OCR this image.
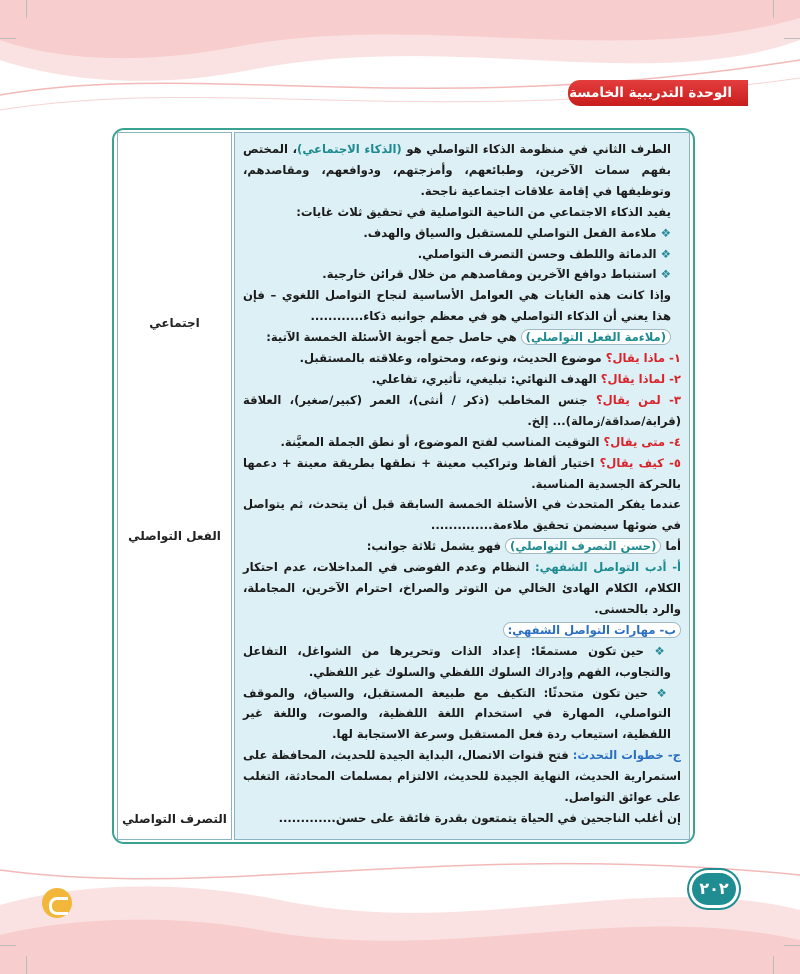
الوحدة التدريبية الخامسة
اجتماعي
الفعل التواصلي
التصرف التواصلي

الطرف الثاني في منظومة الذكاء التواصلي هو (الذكاء الاجتماعي)، المختص بفهم سمات الآخرين، وطبائعهم، وأمزجتهم، ودوافعهم، ومقاصدهم، وتوظيفها في إقامة علاقات اجتماعية ناجحة.

يفيد الذكاء الاجتماعي من الناحية التواصلية في تحقيق ثلاث غايات:

❖ ملاءمة الفعل التواصلي للمستقبل والسياق والهدف.

❖ الدماثة واللطف وحسن التصرف التواصلي.

❖ استنباط دوافع الآخرين ومقاصدهم من خلال قرائن خارجية.

وإذا كانت هذه الغايات هي العوامل الأساسية لنجاح التواصل اللغوي – فإن هذا يعني أن الذكاء التواصلي هو في معظم جوانبه ذكاء............

(ملاءمة الفعل التواصلي) هي حاصل جمع أجوبة الأسئلة الخمسة الآتية:

١- ماذا يقال؟ موضوع الحديث، ونوعه، ومحتواه، وعلاقته بالمستقبل.

٢- لماذا يقال؟ الهدف النهائي: تبليغي، تأثيري، تفاعلي.

٣- لمن يقال؟ جنس المخاطب (ذكر / أنثى)، العمر (كبير/صغير)، العلاقة (قرابة/صداقة/زمالة)... إلخ.

٤- متى يقال؟ التوقيت المناسب لفتح الموضوع، أو نطق الجملة المعيَّنة.

٥- كيف يقال؟ اختيار ألفاظ وتراكيب معينة + نطقها بطريقة معينة + دعمها بالحركة الجسدية المناسبة.

عندما يفكر المتحدث في الأسئلة الخمسة السابقة قبل أن يتحدث، ثم يتواصل في ضوئها سيضمن تحقيق ملاءمة..............

أما (حسن التصرف التواصلي) فهو يشمل ثلاثة جوانب:

أ- أدب التواصل الشفهي: النظام وعدم الفوضى في المداخلات، عدم احتكار الكلام، الكلام الهادئ الخالي من التوتر والصراخ، احترام الآخرين، المجاملة، والرد بالحسنى.

ب- مهارات التواصل الشفهي:

❖ حين تكون مستمعًا: إعداد الذات وتحريرها من الشواغل، التفاعل والتجاوب، الفهم وإدراك السلوك اللفظي والسلوك غير اللفظي.

❖ حين تكون متحدثًا: التكيف مع طبيعة المستقبل، والسياق، والموقف التواصلي، المهارة في استخدام اللغة اللفظية، والصوت، واللغة غير اللفظية، استيعاب ردة فعل المستقبل وسرعة الاستجابة لها.

ج- خطوات التحدث: فتح قنوات الاتصال، البداية الجيدة للحديث، المحافظة على استمرارية الحديث، النهاية الجيدة للحديث، الالتزام بمسلمات المحادثة، التغلب على عوائق التواصل.

إن أغلب الناجحين في الحياة يتمتعون بقدرة فائقة على حسن.............

٢٠٢
